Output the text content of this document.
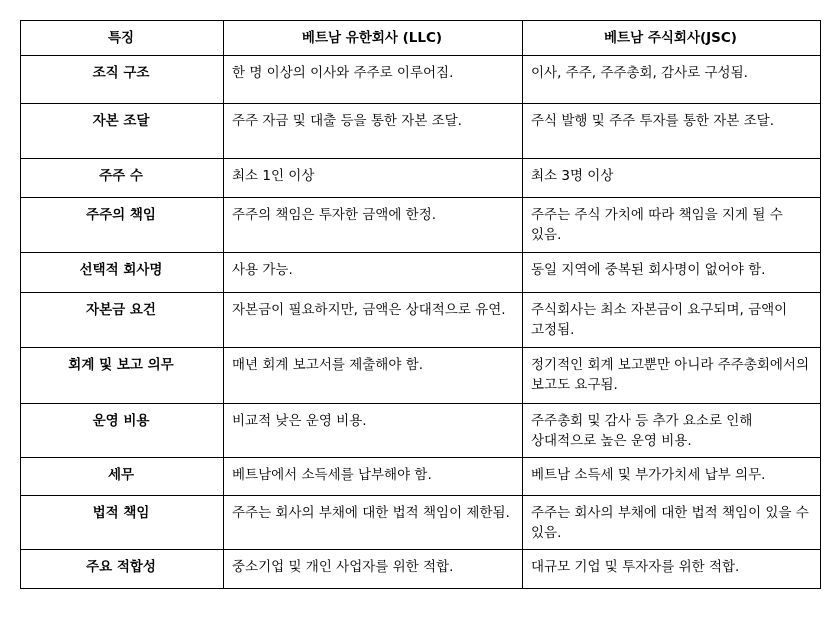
특징	베트남 유한회사 (LLC)	베트남 주식회사(JSC)
조직 구조	한 명 이상의 이사와 주주로 이루어짐.	이사, 주주, 주주총회, 감사로 구성됨.
자본 조달	주주 자금 및 대출 등을 통한 자본 조달.	주식 발행 및 주주 투자를 통한 자본 조달.
주주 수	최소 1인 이상	최소 3명 이상
주주의 책임	주주의 책임은 투자한 금액에 한정.	주주는 주식 가치에 따라 책임을 지게 될 수 있음.
선택적 회사명	사용 가능.	동일 지역에 중복된 회사명이 없어야 함.
자본금 요건	자본금이 필요하지만, 금액은 상대적으로 유연.	주식회사는 최소 자본금이 요구되며, 금액이 고정됨.
회계 및 보고 의무	매년 회계 보고서를 제출해야 함.	정기적인 회계 보고뿐만 아니라 주주총회에서의 보고도 요구됨.
운영 비용	비교적 낮은 운영 비용.	주주총회 및 감사 등 추가 요소로 인해 상대적으로 높은 운영 비용.
세무	베트남에서 소득세를 납부해야 함.	베트남 소득세 및 부가가치세 납부 의무.
법적 책임	주주는 회사의 부채에 대한 법적 책임이 제한됨.	주주는 회사의 부채에 대한 법적 책임이 있을 수 있음.
주요 적합성	중소기업 및 개인 사업자를 위한 적합.	대규모 기업 및 투자자를 위한 적합.
